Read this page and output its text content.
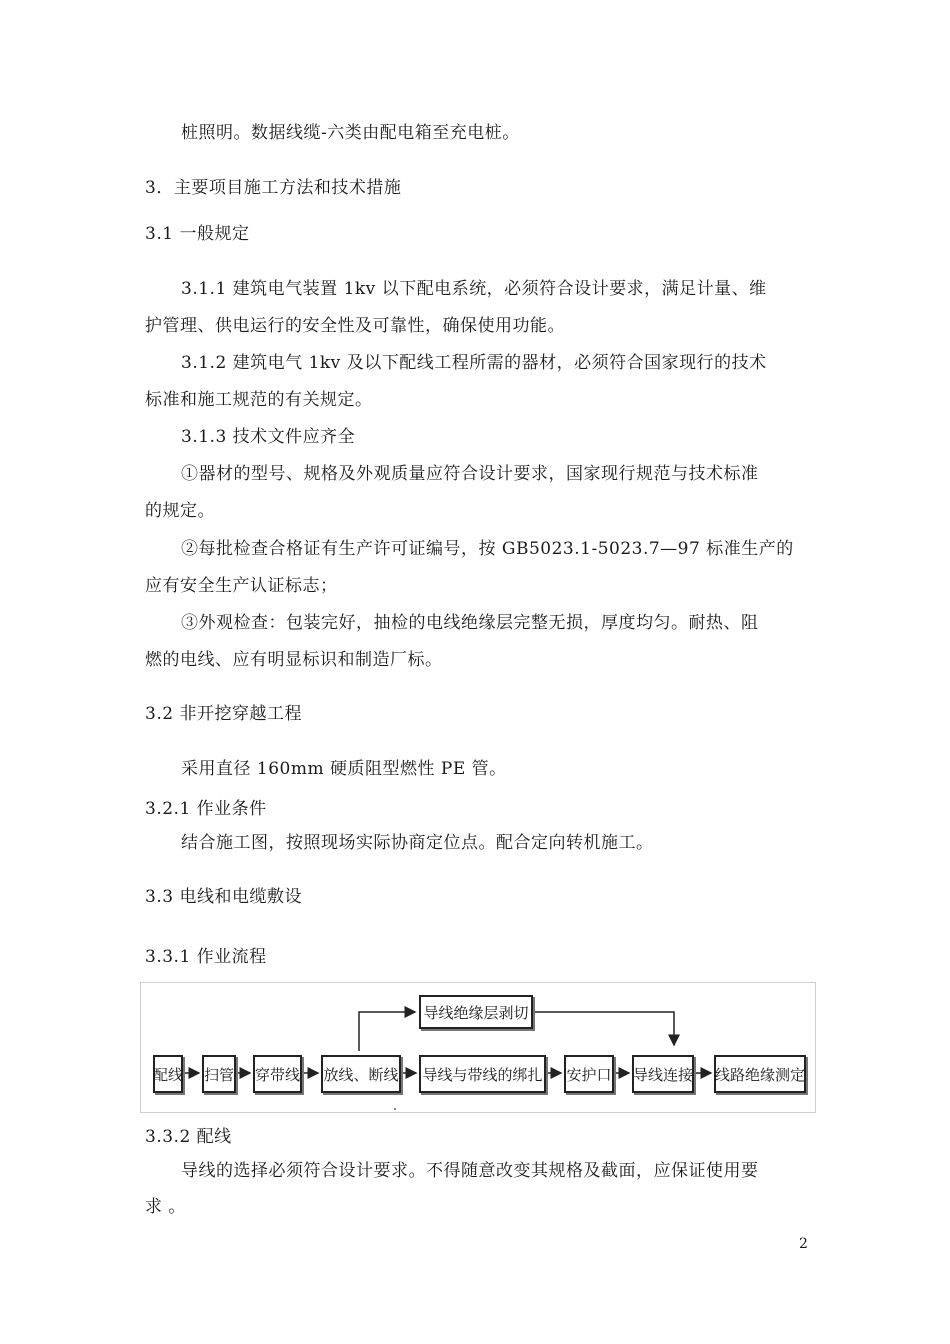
桩照明。数据线缆-六类由配电箱至充电桩。
3．主要项目施工方法和技术措施
3.1 一般规定
3.1.1 建筑电气装置 1kv 以下配电系统，必须符合设计要求，满足计量、维
护管理、供电运行的安全性及可靠性，确保使用功能。
3.1.2 建筑电气 1kv 及以下配线工程所需的器材，必须符合国家现行的技术
标准和施工规范的有关规定。
3.1.3 技术文件应齐全
①器材的型号、规格及外观质量应符合设计要求，国家现行规范与技术标准
的规定。
②每批检查合格证有生产许可证编号，按 GB5023.1-5023.7—97 标准生产的
应有安全生产认证标志；
③外观检查：包装完好，抽检的电线绝缘层完整无损，厚度均匀。耐热、阻
燃的电线、应有明显标识和制造厂标。
3.2 非开挖穿越工程
采用直径 160mm 硬质阻型燃性 PE 管。
3.2.1 作业条件
结合施工图，按照现场实际协商定位点。配合定向转机施工。
3.3 电线和电缆敷设
3.3.1 作业流程
导线绝缘层剥切
配线 扫管 穿带线 放线、断线 导线与带线的绑扎 安护口 导线连接 线路绝缘测定
3.3.2 配线
导线的选择必须符合设计要求。不得随意改变其规格及截面，应保证使用要
求 。
2
